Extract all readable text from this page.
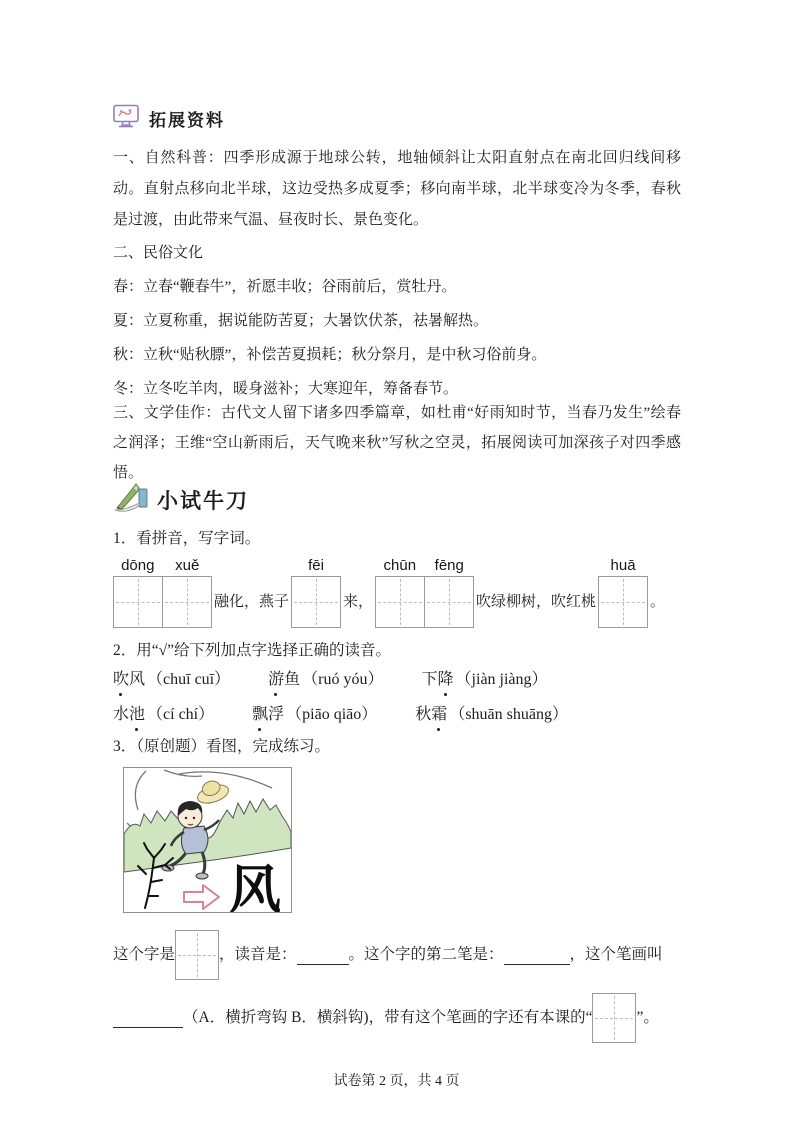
拓展资料

一、自然科普：四季形成源于地球公转，地轴倾斜让太阳直射点在南北回归线间移动。直射点移向北半球，这边受热多成夏季；移向南半球，北半球变冷为冬季，春秋是过渡，由此带来气温、昼夜时长、景色变化。

二、民俗文化

春：立春“鞭春牛”，祈愿丰收；谷雨前后，赏牡丹。

夏：立夏称重，据说能防苦夏；大暑饮伏茶，祛暑解热。

秋：立秋“贴秋膘”，补偿苦夏损耗；秋分祭月，是中秋习俗前身。

冬：立冬吃羊肉，暖身滋补；大寒迎年，筹备春节。

三、文学佳作：古代文人留下诸多四季篇章，如杜甫“好雨知时节，当春乃发生”绘春之润泽；王维“空山新雨后，天气晚来秋”写秋之空灵，拓展阅读可加深孩子对四季感悟。

小试牛刀

1．看拼音，写字词。

dōng	xuě
融化，燕子
fēi
来，
chūn	fēng
吹绿柳树，吹红桃
huā
。

2．用“√”给下列加点字选择正确的读音。

吹风 （chuī cuī） 游鱼 （ruó yóu） 下降 （jiàn jiàng）
水池 （cí chí） 飘浮 （piāo qiāo） 秋霜 （shuān shuāng）

3．（原创题）看图，完成练习。

风
这个字是	，读音是：	。这个字的第二笔是：	，这个笔画叫
（A．横折弯钩 B．横斜钩)，带有这个笔画的字还有本课的“	”。
试卷第 2 页，共 4 页
